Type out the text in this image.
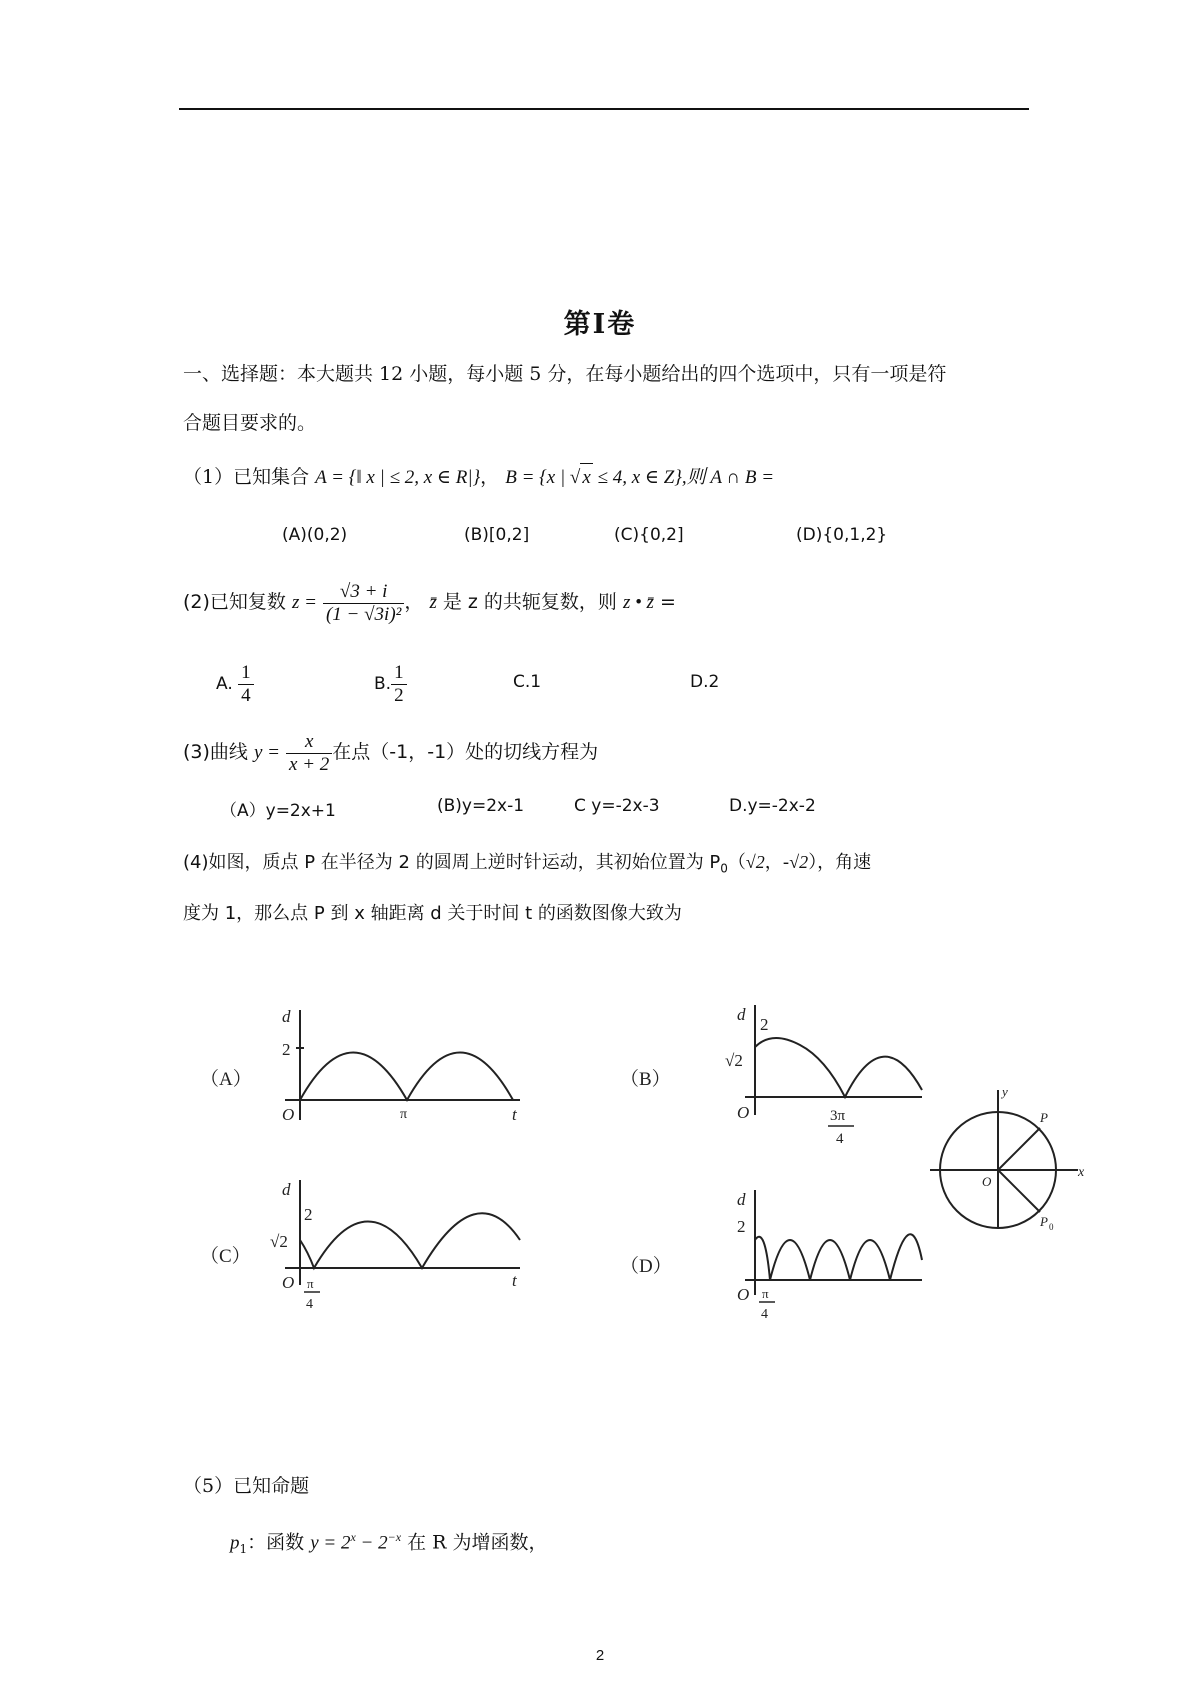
第Ⅰ卷
一、选择题：本大题共 12 小题，每小题 5 分，在每小题给出的四个选项中，只有一项是符
合题目要求的。
（1）已知集合 A = {‖ x | ≤ 2, x ∈ R|}， B = {x | √ x ≤ 4, x ∈ Z},则 A ∩ B =
(A)(0,2)	(B)[0,2]	(C){0,2]	(D){0,1,2}
(2)已知复数 $z = \frac{√3 + i}{\text{(1 − √3i)²}}$ ， z̄ 是 z 的共轭复数，则 z • z̄ =
A. $\frac{1}{4}$	B. $\frac{1}{2}$	C.1	D.2
(3)曲线 $y = \frac{x}{x + 2}$ 在点（-1，-1）处的切线方程为
（A）y=2x+1	(B)y=2x-1	C y=-2x-3	D.y=-2x-2
(4)如图，质点 P 在半径为 2 的圆周上逆时针运动，其初始位置为 $P_0(√2$，-√2），角速
度为 1，那么点 P 到 x 轴距离 d 关于时间 t 的函数图像大致为
（A）
d
2
O	π	t
（B）
d
2
√2
O	3π
4
（C）
d
2
√2
O π
4
t
（D）
d
2
O π
4
y
x
O
P
P 0
（5）已知命题
$p_1$：函数 $y = 2^x - 2^{-x}$ 在 R 为增函数，
2
